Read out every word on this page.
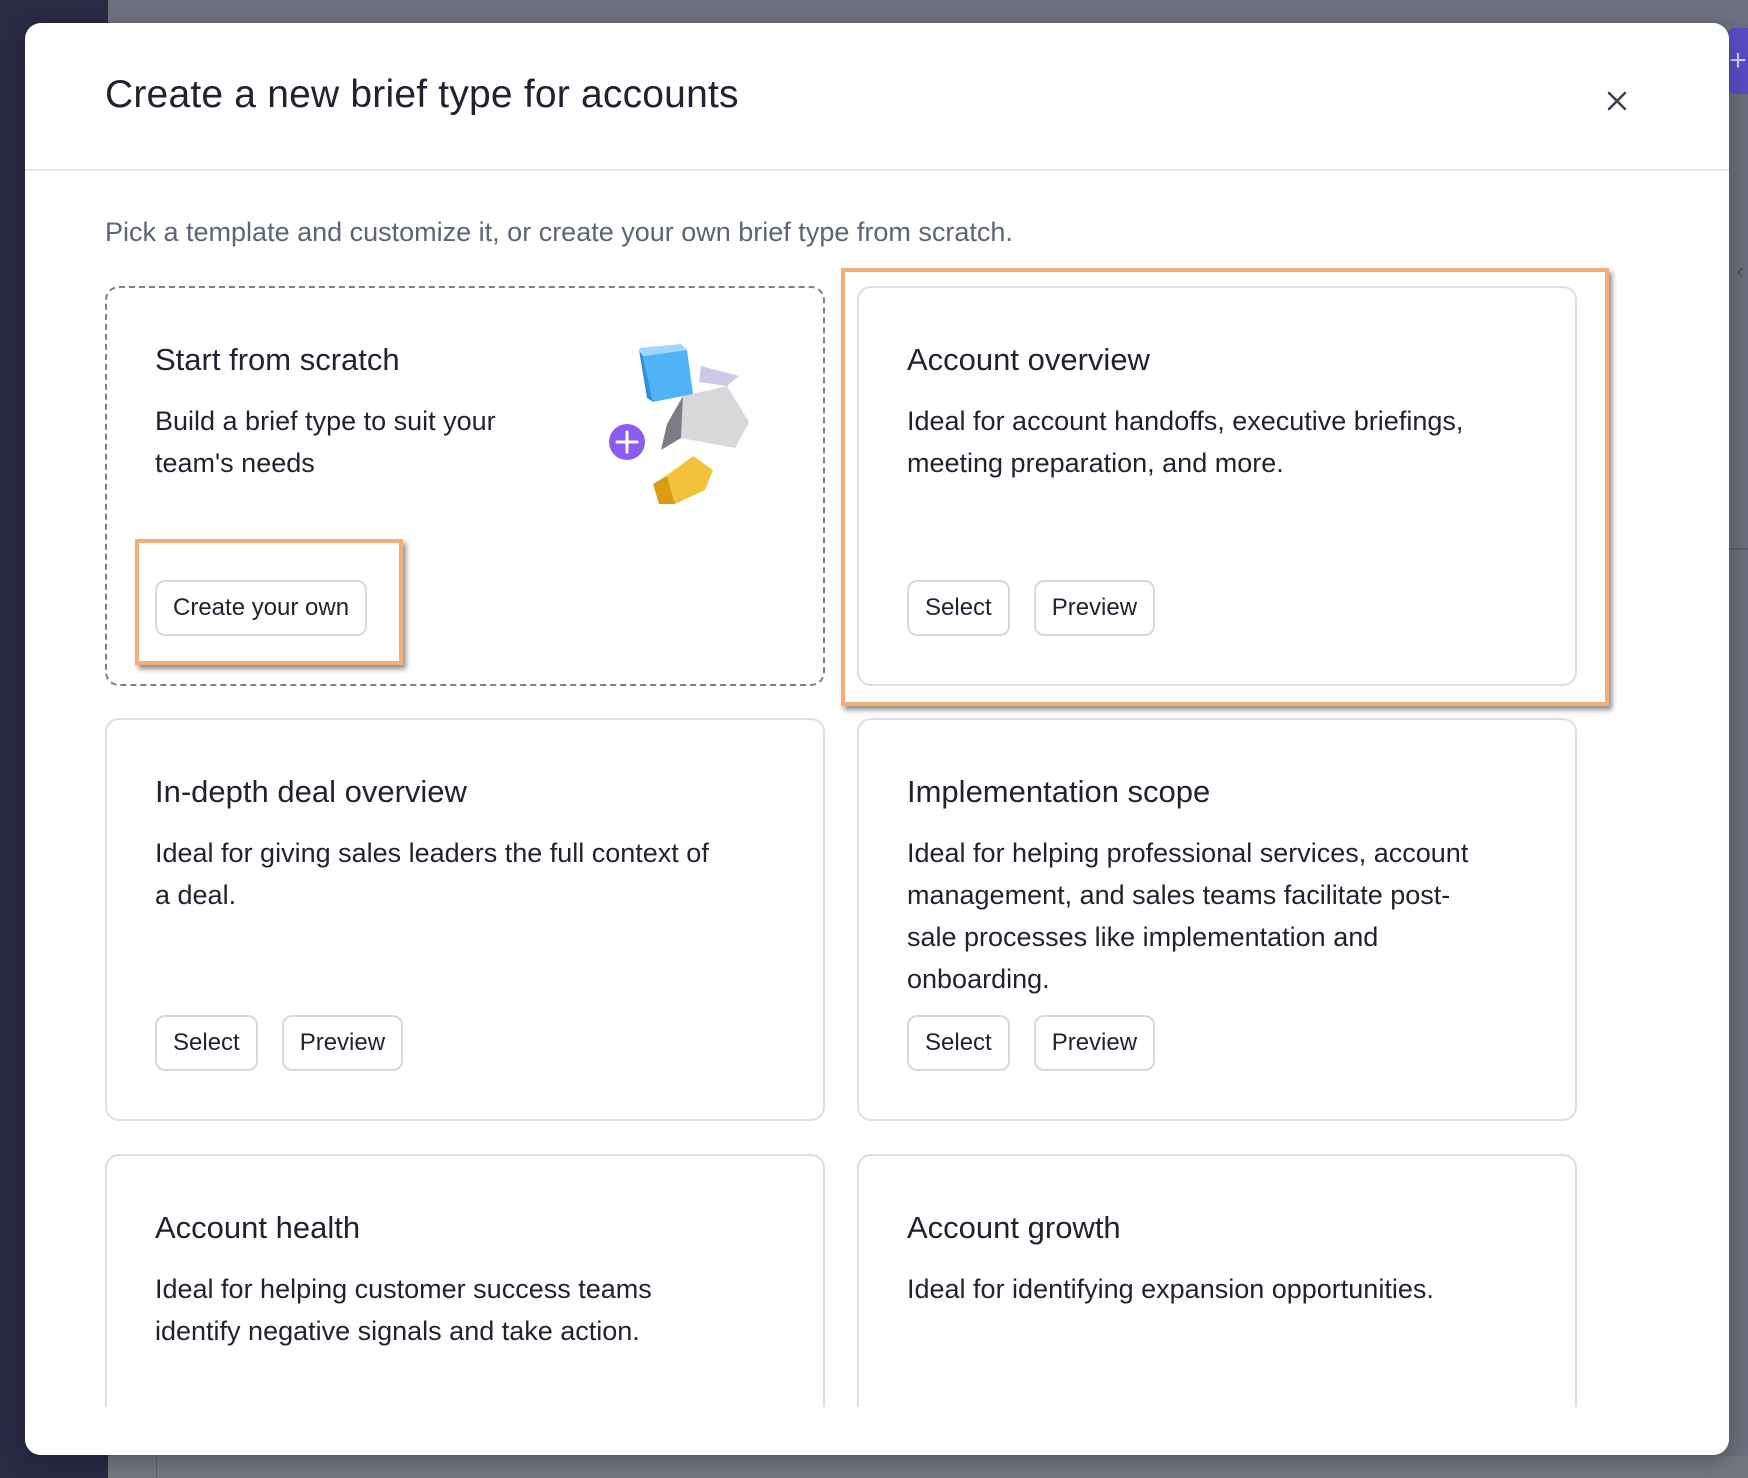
+
‹
Create a new brief type for accounts

Pick a template and customize it, or create your own brief type from scratch.

Start from scratch

Build a brief type to suit your
team's needs

Create your own
Account overview

Ideal for account handoffs, executive briefings,
meeting preparation, and more.

Select	Preview
In-depth deal overview

Ideal for giving sales leaders the full context of
a deal.

Select	Preview
Implementation scope

Ideal for helping professional services, account
management, and sales teams facilitate post-
sale processes like implementation and
onboarding.

Select	Preview
Account health

Ideal for helping customer success teams
identify negative signals and take action.

Account growth

Ideal for identifying expansion opportunities.
